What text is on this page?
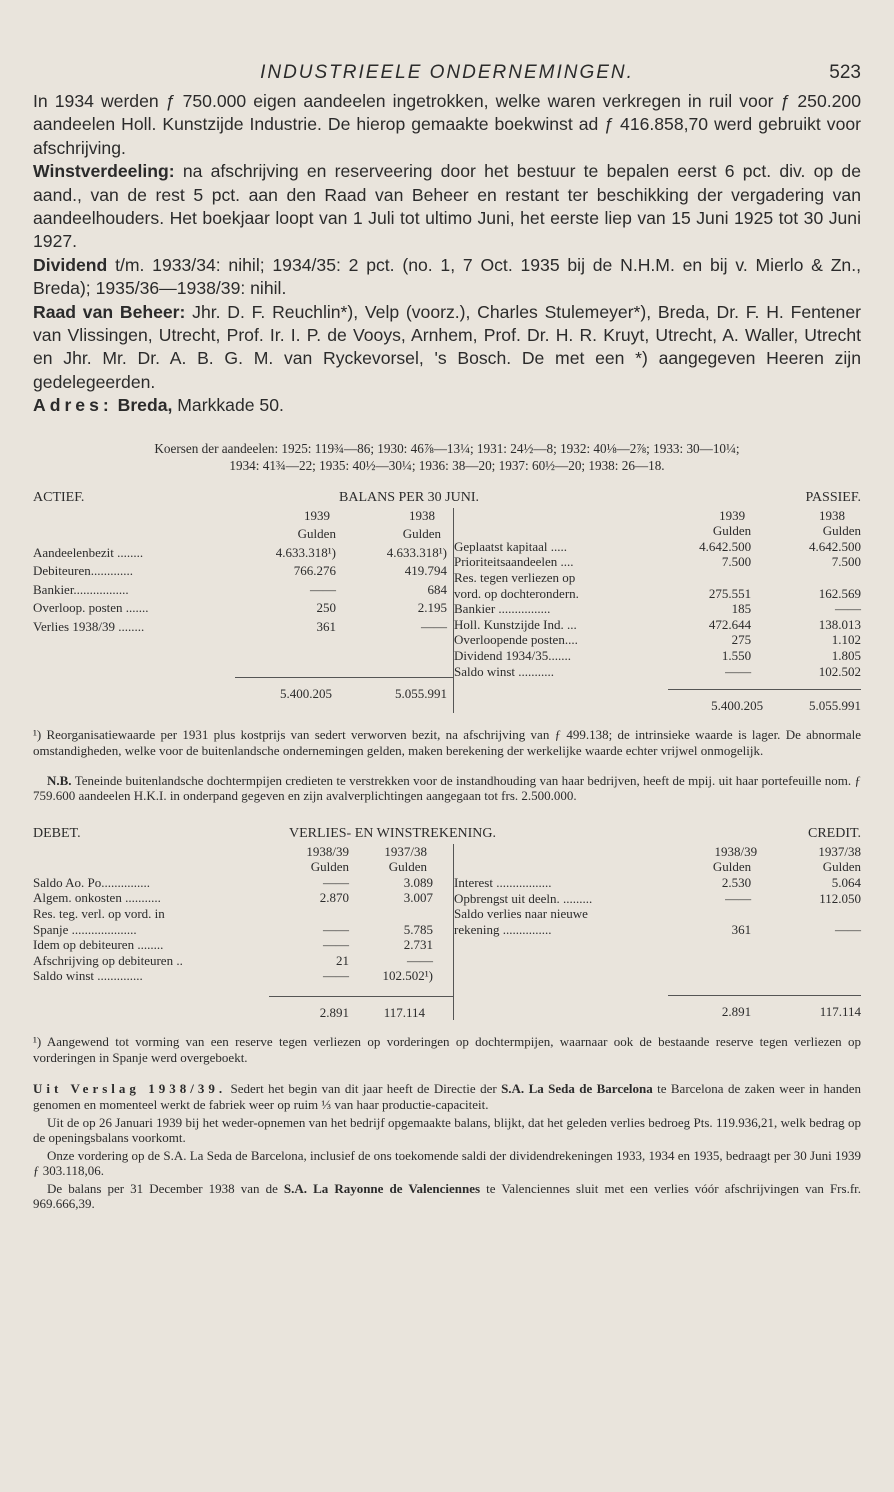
INDUSTRIEELE ONDERNEMINGEN.	523

In 1934 werden ƒ 750.000 eigen aandeelen ingetrokken, welke waren verkregen in ruil voor ƒ 250.200 aandeelen Holl. Kunstzijde Industrie. De hierop gemaakte boekwinst ad ƒ 416.858,70 werd gebruikt voor afschrijving.

Winstverdeeling: na afschrijving en reserveering door het bestuur te bepalen eerst 6 pct. div. op de aand., van de rest 5 pct. aan den Raad van Beheer en restant ter beschikking der vergadering van aandeelhouders. Het boekjaar loopt van 1 Juli tot ultimo Juni, het eerste liep van 15 Juni 1925 tot 30 Juni 1927.

Dividend t/m. 1933/34: nihil; 1934/35: 2 pct. (no. 1, 7 Oct. 1935 bij de N.H.M. en bij v. Mierlo & Zn., Breda); 1935/36—1938/39: nihil.

Raad van Beheer: Jhr. D. F. Reuchlin*), Velp (voorz.), Charles Stulemeyer*), Breda, Dr. F. H. Fentener van Vlissingen, Utrecht, Prof. Ir. I. P. de Vooys, Arnhem, Prof. Dr. H. R. Kruyt, Utrecht, A. Waller, Utrecht en Jhr. Mr. Dr. A. B. G. M. van Ryckevorsel, 's Bosch. De met een *) aangegeven Heeren zijn gedelegeerden.

Adres: Breda, Markkade 50.

Koersen der aandeelen: 1925: 119¾—86; 1930: 46⅞—13¼; 1931: 24½—8; 1932: 40⅛—2⅞; 1933: 30—10¼;
1934: 41¾—22; 1935: 40½—30¼; 1936: 38—20; 1937: 60½—20; 1938: 26—18.
ACTIEF.	BALANS PER 30 JUNI.	PASSIEF.
	1939	1938
	Gulden	Gulden
Aandeelenbezit ........	4.633.318¹)	4.633.318¹)
Debiteuren.............	766.276	419.794
Bankier.................	——	684
Overloop. posten .......	250	2.195
Verlies 1938/39 ........	361	——

	5.400.205	5.055.991
	1939	1938
	Gulden	Gulden
Geplaatst kapitaal .....	4.642.500	4.642.500
Prioriteitsaandeelen ....	7.500	7.500
Res. tegen verliezen op		
vord. op dochterondern.	275.551	162.569
Bankier ................	185	——
Holl. Kunstzijde Ind. ...	472.644	138.013
Overloopende posten....	275	1.102
Dividend 1934/35.......	1.550	1.805
Saldo winst ...........	——	102.502

	5.400.205	5.055.991

¹) Reorganisatiewaarde per 1931 plus kostprijs van sedert verworven bezit, na afschrijving van ƒ 499.138; de intrinsieke waarde is lager. De abnormale omstandigheden, welke voor de buitenlandsche ondernemingen gelden, maken berekening der werkelijke waarde echter vrijwel onmogelijk.

N.B. Teneinde buitenlandsche dochtermpijen credieten te verstrekken voor de instandhouding van haar bedrijven, heeft de mpij. uit haar portefeuille nom. ƒ 759.600 aandeelen H.K.I. in onderpand gegeven en zijn avalverplichtingen aangegaan tot frs. 2.500.000.

DEBET.	VERLIES- EN WINSTREKENING.	CREDIT.
	1938/39	1937/38
	Gulden	Gulden
Saldo Ao. Po...............	——	3.089
Algem. onkosten ...........	2.870	3.007
Res. teg. verl. op vord. in		
Spanje ....................	——	5.785
Idem op debiteuren ........	——	2.731
Afschrijving op debiteuren ..	21	——
Saldo winst ..............	——	102.502¹)

	2.891	117.114
	1938/39	1937/38
	Gulden	Gulden
Interest .................	2.530	5.064
Opbrengst uit deeln. .........	——	112.050
Saldo verlies naar nieuwe		
rekening ...............	361	——

	2.891	117.114

¹) Aangewend tot vorming van een reserve tegen verliezen op vorderingen op dochtermpijen, waarnaar ook de bestaande reserve tegen verliezen op vorderingen in Spanje werd overgeboekt.

Uit Verslag 1938/39. Sedert het begin van dit jaar heeft de Directie der S.A. La Seda de Barcelona te Barcelona de zaken weer in handen genomen en momenteel werkt de fabriek weer op ruim ⅓ van haar productie-capaciteit.

Uit de op 26 Januari 1939 bij het weder-opnemen van het bedrijf opgemaakte balans, blijkt, dat het geleden verlies bedroeg Pts. 119.936,21, welk bedrag op de openingsbalans voorkomt.

Onze vordering op de S.A. La Seda de Barcelona, inclusief de ons toekomende saldi der dividendrekeningen 1933, 1934 en 1935, bedraagt per 30 Juni 1939 ƒ 303.118,06.

De balans per 31 December 1938 van de S.A. La Rayonne de Valenciennes te Valenciennes sluit met een verlies vóór afschrijvingen van Frs.fr. 969.666,39.
